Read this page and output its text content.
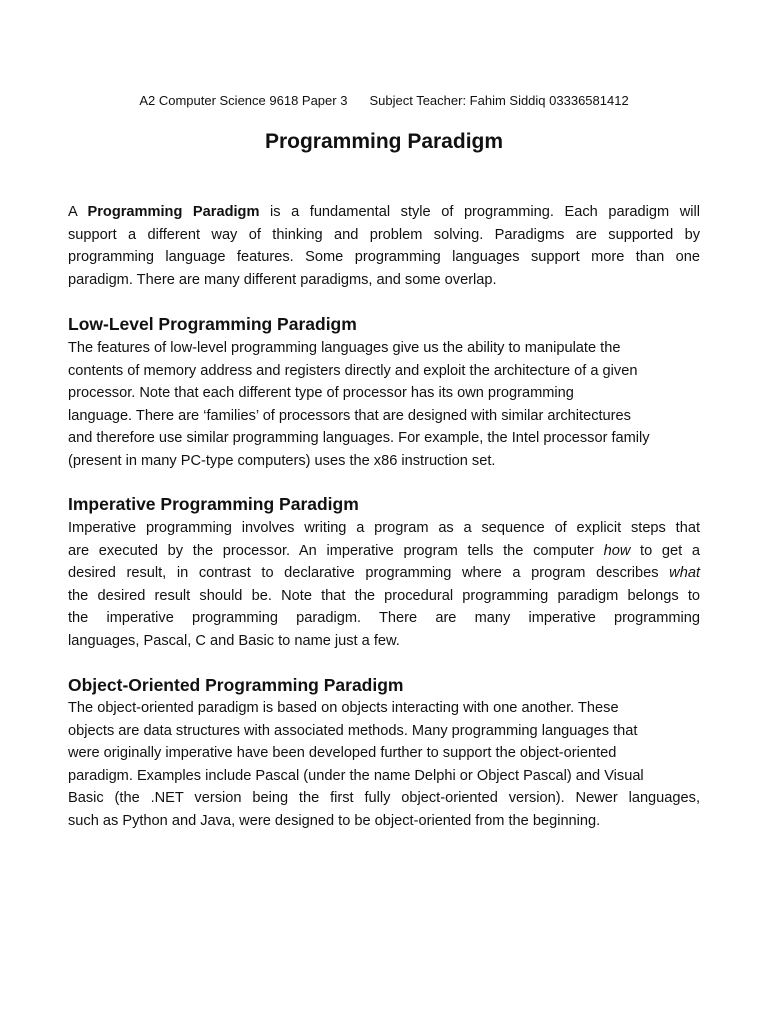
A2 Computer Science 9618 Paper 3 Subject Teacher: Fahim Siddiq 03336581412
Programming Paradigm
A Programming Paradigm is a fundamental style of programming. Each paradigm will
support a different way of thinking and problem solving. Paradigms are supported by
programming language features. Some programming languages support more than one
paradigm. There are many different paradigms, and some overlap.
Low-Level Programming Paradigm
The features of low-level programming languages give us the ability to manipulate the
contents of memory address and registers directly and exploit the architecture of a given
processor. Note that each different type of processor has its own programming
language. There are ‘families’ of processors that are designed with similar architectures
and therefore use similar programming languages. For example, the Intel processor family
(present in many PC-type computers) uses the x86 instruction set.
Imperative Programming Paradigm
Imperative programming involves writing a program as a sequence of explicit steps that
are executed by the processor. An imperative program tells the computer how to get a
desired result, in contrast to declarative programming where a program describes what
the desired result should be. Note that the procedural programming paradigm belongs to
the imperative programming paradigm. There are many imperative programming
languages, Pascal, C and Basic to name just a few.
Object-Oriented Programming Paradigm
The object-oriented paradigm is based on objects interacting with one another. These
objects are data structures with associated methods. Many programming languages that
were originally imperative have been developed further to support the object-oriented
paradigm. Examples include Pascal (under the name Delphi or Object Pascal) and Visual
Basic (the .NET version being the first fully object-oriented version). Newer languages,
such as Python and Java, were designed to be object-oriented from the beginning.
